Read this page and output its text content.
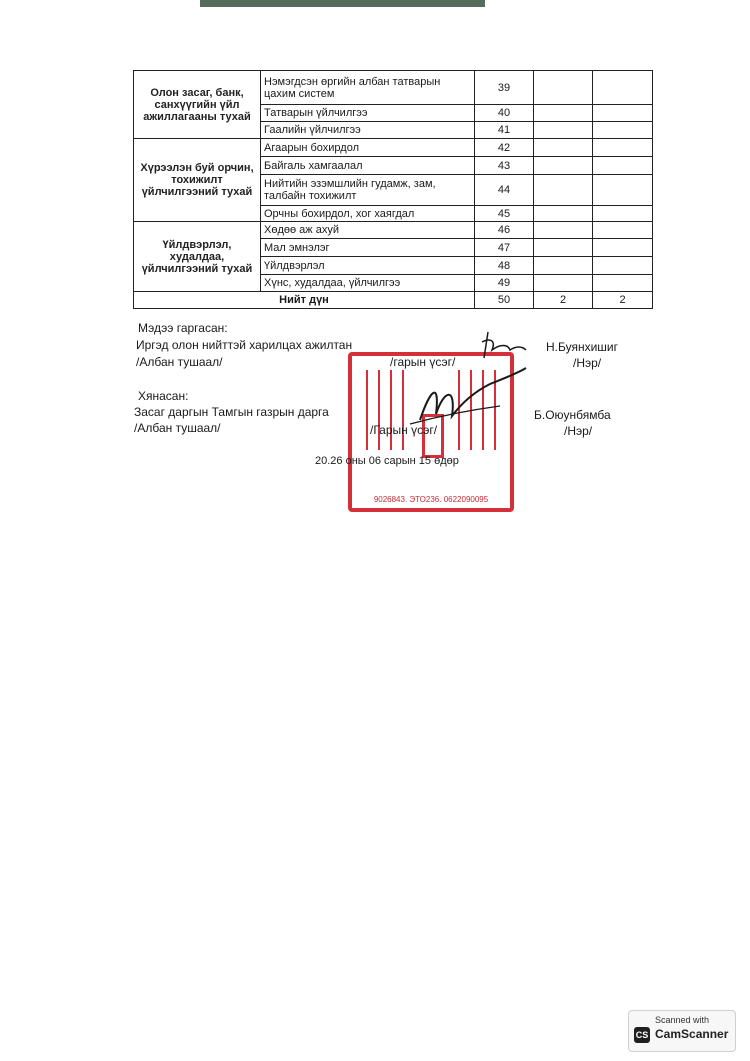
Олон засаг, банк, санхүүгийн үйл ажиллагааны тухай	Нэмэгдсэн өргийн албан татварын цахим систем	39		
	Татварын үйлчилгээ	40		
	Гаалийн үйлчилгээ	41		
Хүрээлэн буй орчин, тохижилт үйлчилгээний тухай	Агаарын бохирдол	42		
	Байгаль хамгаалал	43		
	Нийтийн эзэмшлийн гудамж, зам, талбайн тохижилт	44		
	Орчны бохирдол, хог хаягдал	45		
Үйлдвэрлэл, худалдаа, үйлчилгээний тухай	Хөдөө аж ахуй	46		
	Мал эмнэлэг	47		
	Үйлдвэрлэл	48		
	Хүнс, худалдаа, үйлчилгээ	49		
Нийт дүн		50	2	2
9026843. ЭТО236. 0622090095
Мэдээ гаргасан:
Иргэд олон нийттэй харилцах ажилтан
/Албан тушаал/	/гарын үсэг/
Н.Буянхишиг
/Нэр/
Хянасан:
Засаг даргын Тамгын газрын дарга
/Албан тушаал/	/Гарын үсэг/
Б.Оюунбямба
/Нэр/
20.26 оны 06 сарын 15 өдөр
Scanned with
CS CamScanner
